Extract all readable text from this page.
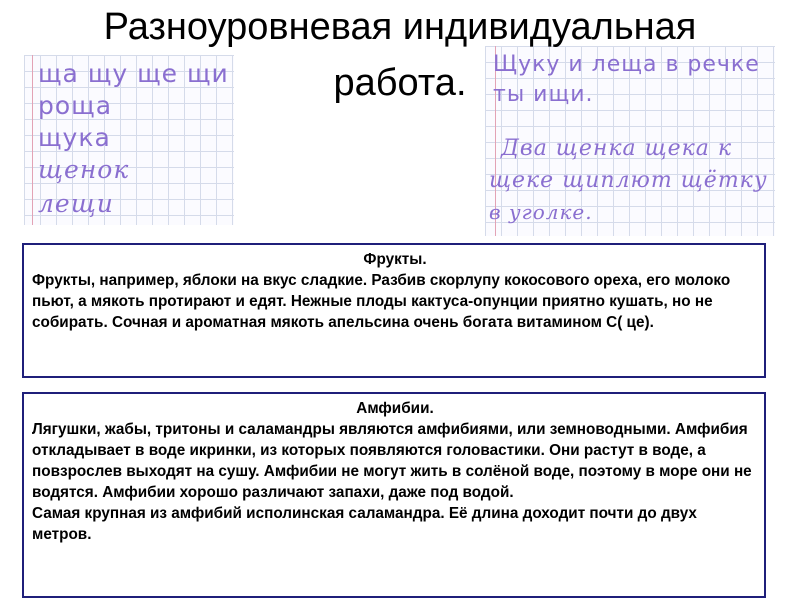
ща щу ще щи
роща
щука
щенок
лещи
Щуку и леща в речке
ты ищи.
Два щенка щека к
щеке щиплют щётку
в уголке.
Разноуровневая индивидуальная
работа.
Фрукты.
Фрукты, например, яблоки на вкус сладкие. Разбив скорлупу кокосового ореха, его молоко пьют, а мякоть протирают и едят. Нежные плоды кактуса-опунции приятно кушать, но не собирать. Сочная и ароматная мякоть апельсина очень богата витамином С( це).
Амфибии.
Лягушки, жабы, тритоны и саламандры являются амфибиями, или земноводными. Амфибия откладывает в воде икринки, из которых появляются головастики. Они растут в воде, а повзрослев выходят на сушу. Амфибии не могут жить в солёной воде, поэтому в море они не водятся. Амфибии хорошо различают запахи, даже под водой.
Самая крупная из амфибий исполинская саламандра. Её длина доходит почти до двух метров.
